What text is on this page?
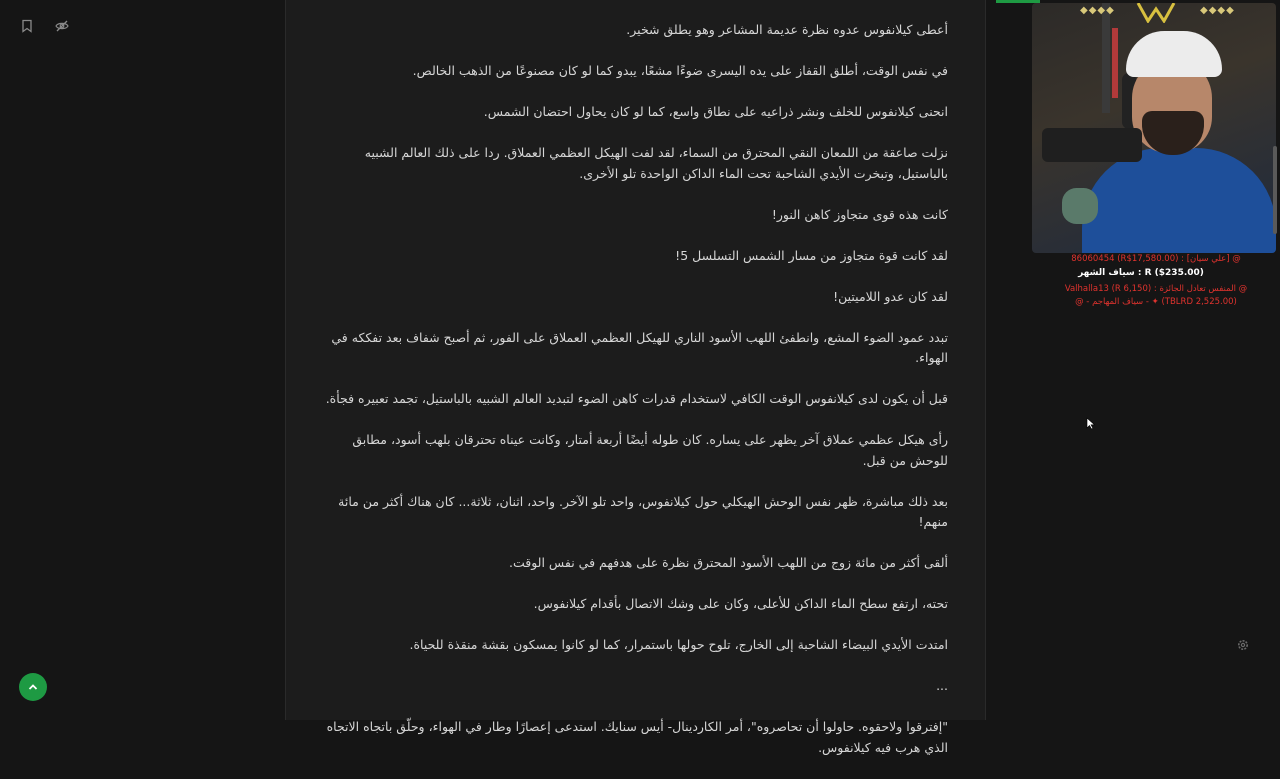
أعطى كيلانفوس عدوه نظرة عديمة المشاعر وهو يطلق شخير.

في نفس الوقت، أطلق القفاز على يده اليسرى ضوءًا مشعًا، يبدو كما لو كان مصنوعًا من الذهب الخالص.

انحنى كيلانفوس للخلف ونشر ذراعيه على نطاق واسع، كما لو كان يحاول احتضان الشمس.

نزلت صاعقة من اللمعان النقي المحترق من السماء، لقد لفت الهيكل العظمي العملاق. ردا على ذلك العالم الشبيه بالباستيل، وتبخرت الأيدي الشاحبة تحت الماء الداكن الواحدة تلو الأخرى.

كانت هذه قوى متجاوز كاهن النور!

لقد كانت قوة متجاوز من مسار الشمس التسلسل 5!

لقد كان عدو اللاميتين!

تبدد عمود الضوء المشع، وانطفئ اللهب الأسود الناري للهيكل العظمي العملاق على الفور، ثم أصبح شفاف بعد تفككه في الهواء.

قبل أن يكون لدى كيلانفوس الوقت الكافي لاستخدام قدرات كاهن الضوء لتبديد العالم الشبيه بالباستيل، تجمد تعبيره فجأة.

رأى هيكل عظمي عملاق آخر يظهر على يساره. كان طوله أيضًا أربعة أمتار، وكانت عيناه تحترقان بلهب أسود، مطابق للوحش من قبل.

بعد ذلك مباشرة، ظهر نفس الوحش الهيكلي حول كيلانفوس، واحد تلو الآخر. واحد، اثنان، ثلاثة... كان هناك أكثر من مائة منهم!

ألقى أكثر من مائة زوج من اللهب الأسود المحترق نظرة على هدفهم في نفس الوقت.

تحته، ارتفع سطح الماء الداكن للأعلى، وكان على وشك الاتصال بأقدام كيلانفوس.

امتدت الأيدي البيضاء الشاحبة إلى الخارج، تلوح حولها باستمرار، كما لو كانوا يمسكون بقشة منقذة للحياة.

...

"إفترقوا ولاحقوه. حاولوا أن تحاصروه"، أمر الكاردينال- أيس سنايك. استدعى إعصارًا وطار في الهواء، وحلّق باتجاه الاتجاه الذي هرب فيه كيلانفوس.

◆◆◆◆	◆◆◆◆
@ [علي سيان] : (R$17,580.00) 86060454
R ($235.00) : سياف الشهر
@ المنفس تعادل الجائزة : (R 6,150) Valhalla13
(TBLRD 2,525.00) ✦ - سياف المهاجم - @
